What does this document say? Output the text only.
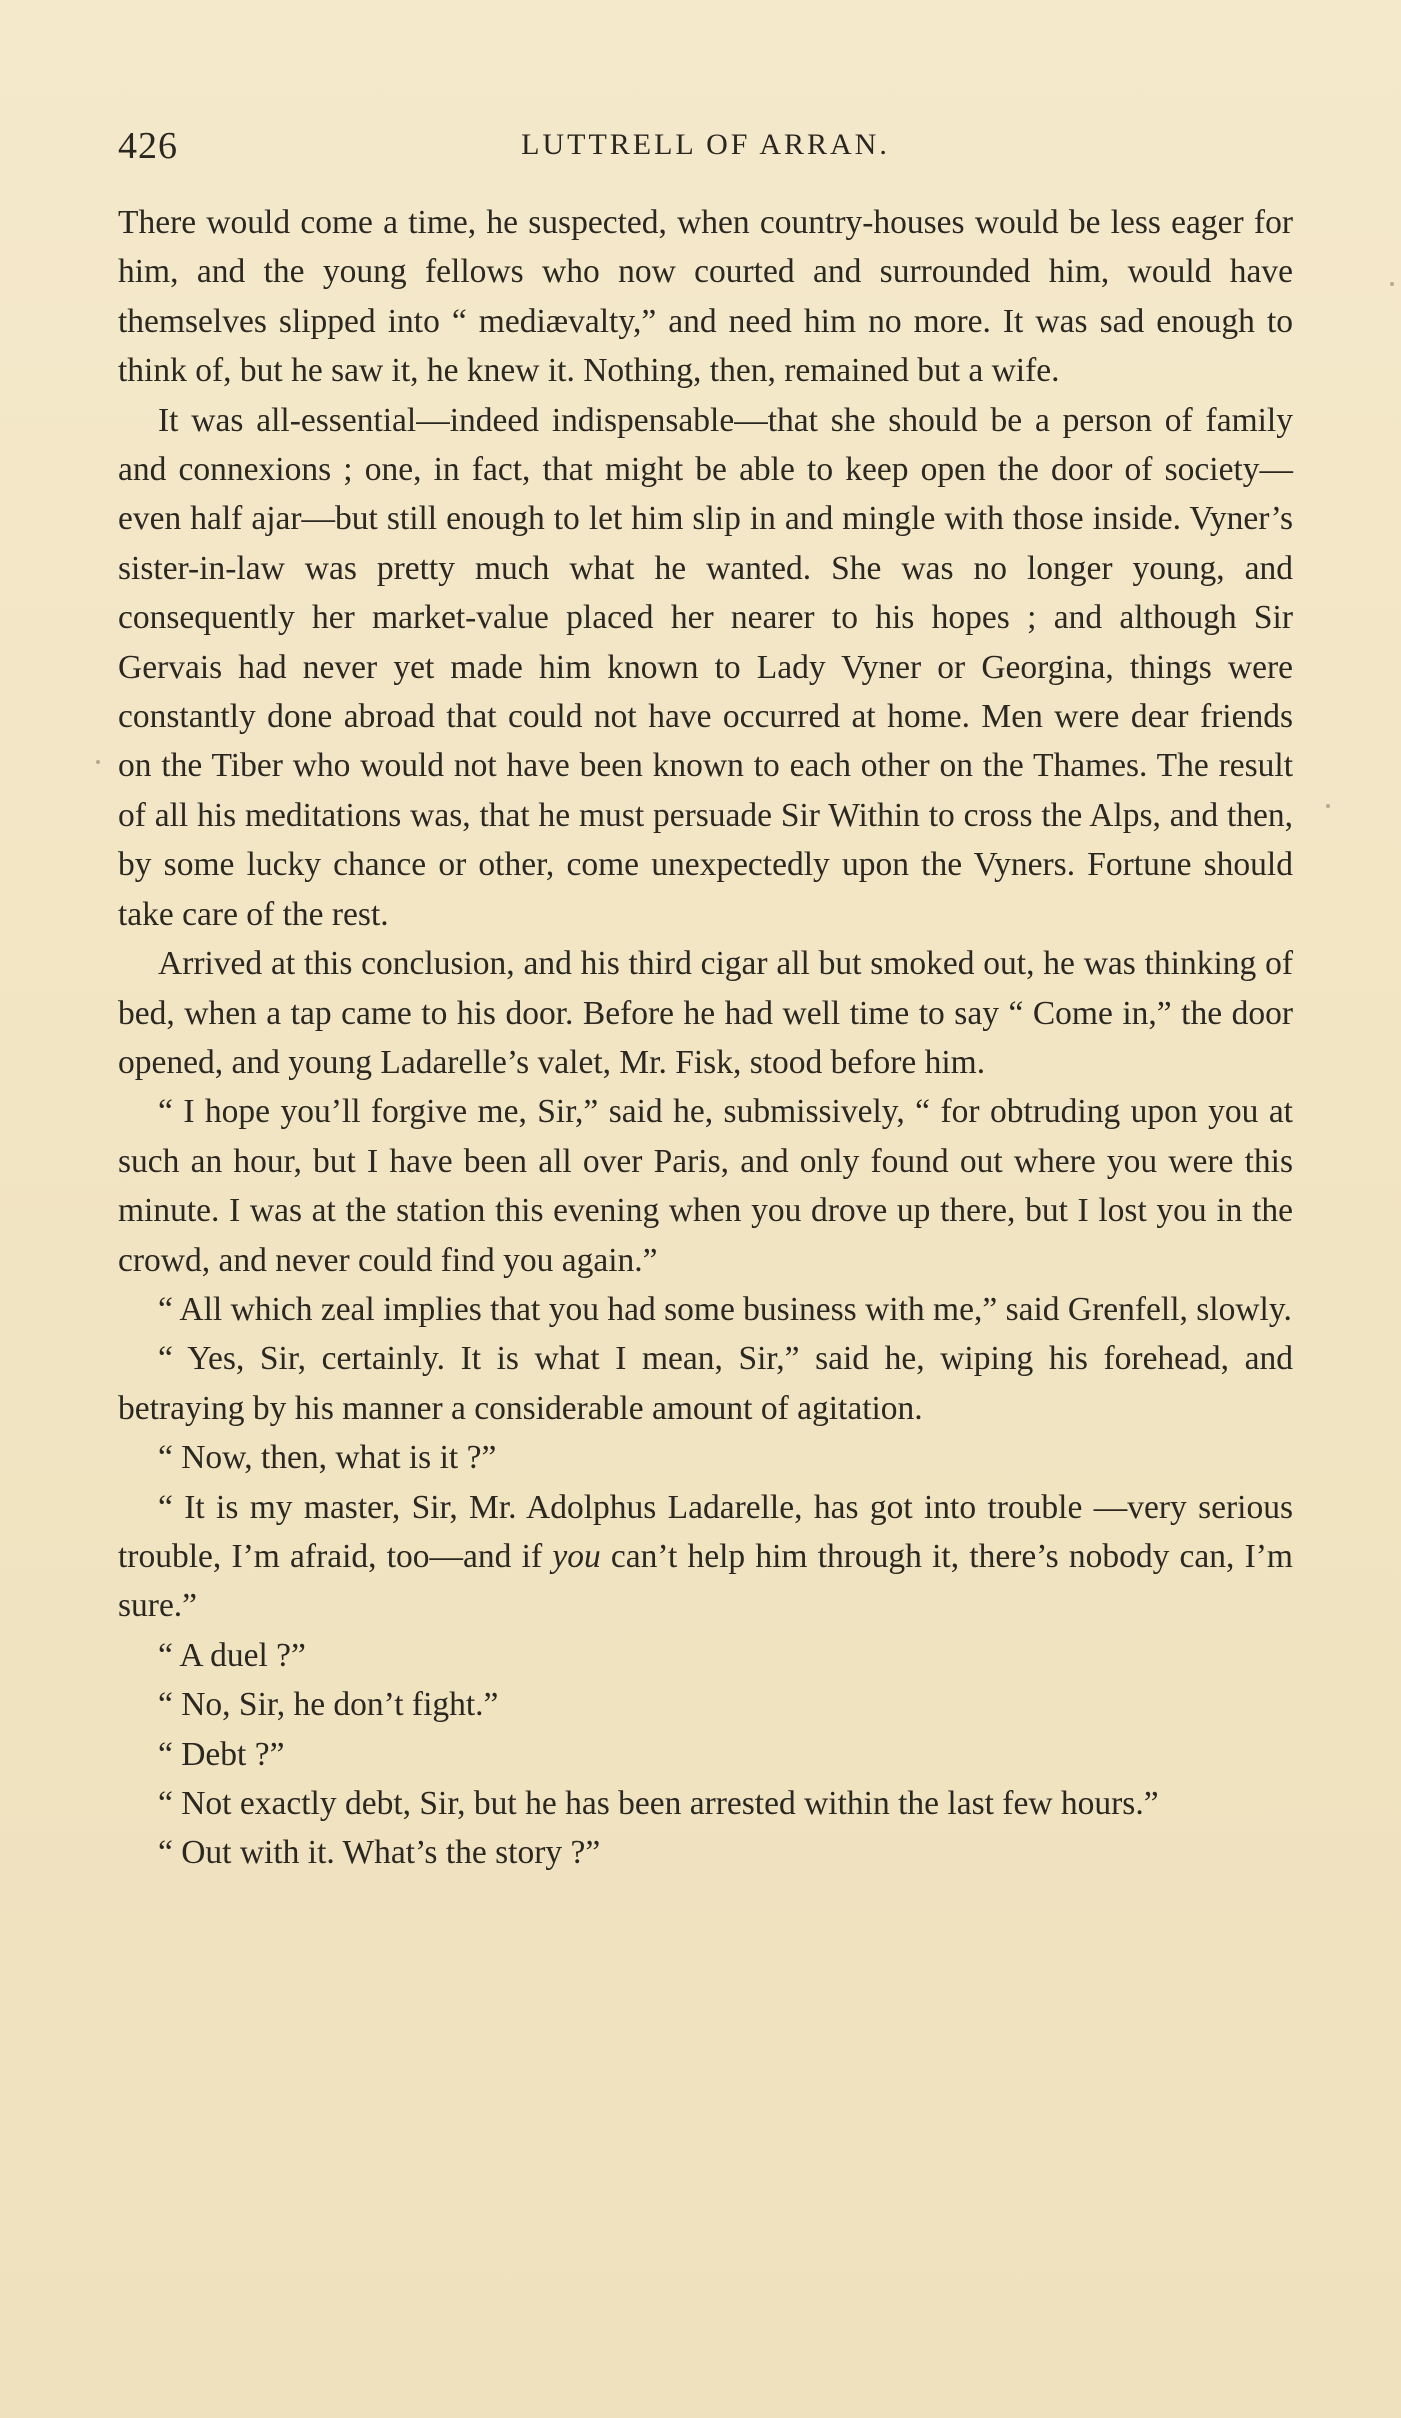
426	LUTTRELL OF ARRAN.

There would come a time, he suspected, when country-houses would be less eager for him, and the young fellows who now courted and surrounded him, would have themselves slipped into “ mediævalty,” and need him no more. It was sad enough to think of, but he saw it, he knew it. Nothing, then, remained but a wife.

It was all-essential—indeed indispensable—that she should be a person of family and connexions ; one, in fact, that might be able to keep open the door of society—even half ajar—but still enough to let him slip in and mingle with those inside. Vyner’s sister-in-law was pretty much what he wanted. She was no longer young, and consequently her market-value placed her nearer to his hopes ; and although Sir Gervais had never yet made him known to Lady Vyner or Georgina, things were constantly done abroad that could not have occurred at home. Men were dear friends on the Tiber who would not have been known to each other on the Thames. The result of all his meditations was, that he must persuade Sir Within to cross the Alps, and then, by some lucky chance or other, come unexpectedly upon the Vyners. Fortune should take care of the rest.

Arrived at this conclusion, and his third cigar all but smoked out, he was thinking of bed, when a tap came to his door. Before he had well time to say “ Come in,” the door opened, and young Ladarelle’s valet, Mr. Fisk, stood before him.

“ I hope you’ll forgive me, Sir,” said he, submissively, “ for obtruding upon you at such an hour, but I have been all over Paris, and only found out where you were this minute. I was at the station this evening when you drove up there, but I lost you in the crowd, and never could find you again.”

“ All which zeal implies that you had some business with me,” said Grenfell, slowly.

“ Yes, Sir, certainly. It is what I mean, Sir,” said he, wiping his forehead, and betraying by his manner a considerable amount of agitation.

“ Now, then, what is it ?”

“ It is my master, Sir, Mr. Adolphus Ladarelle, has got into trouble —very serious trouble, I’m afraid, too—and if you can’t help him through it, there’s nobody can, I’m sure.”

“ A duel ?”

“ No, Sir, he don’t fight.”

“ Debt ?”

“ Not exactly debt, Sir, but he has been arrested within the last few hours.”

“ Out with it. What’s the story ?”
